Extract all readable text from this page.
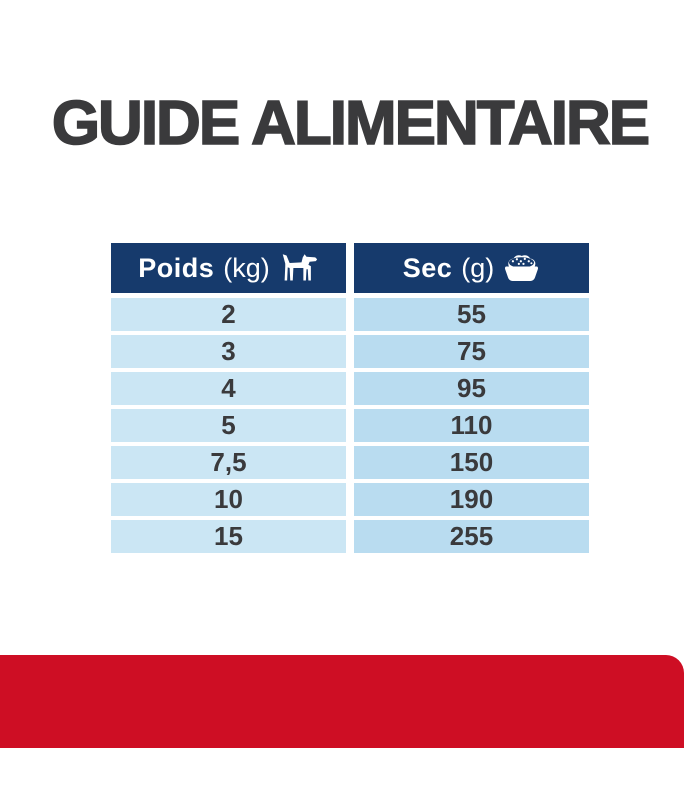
GUIDE ALIMENTAIRE
Poids (kg)	Sec (g)
2	55
3	75
4	95
5	110
7,5	150
10	190
15	255
